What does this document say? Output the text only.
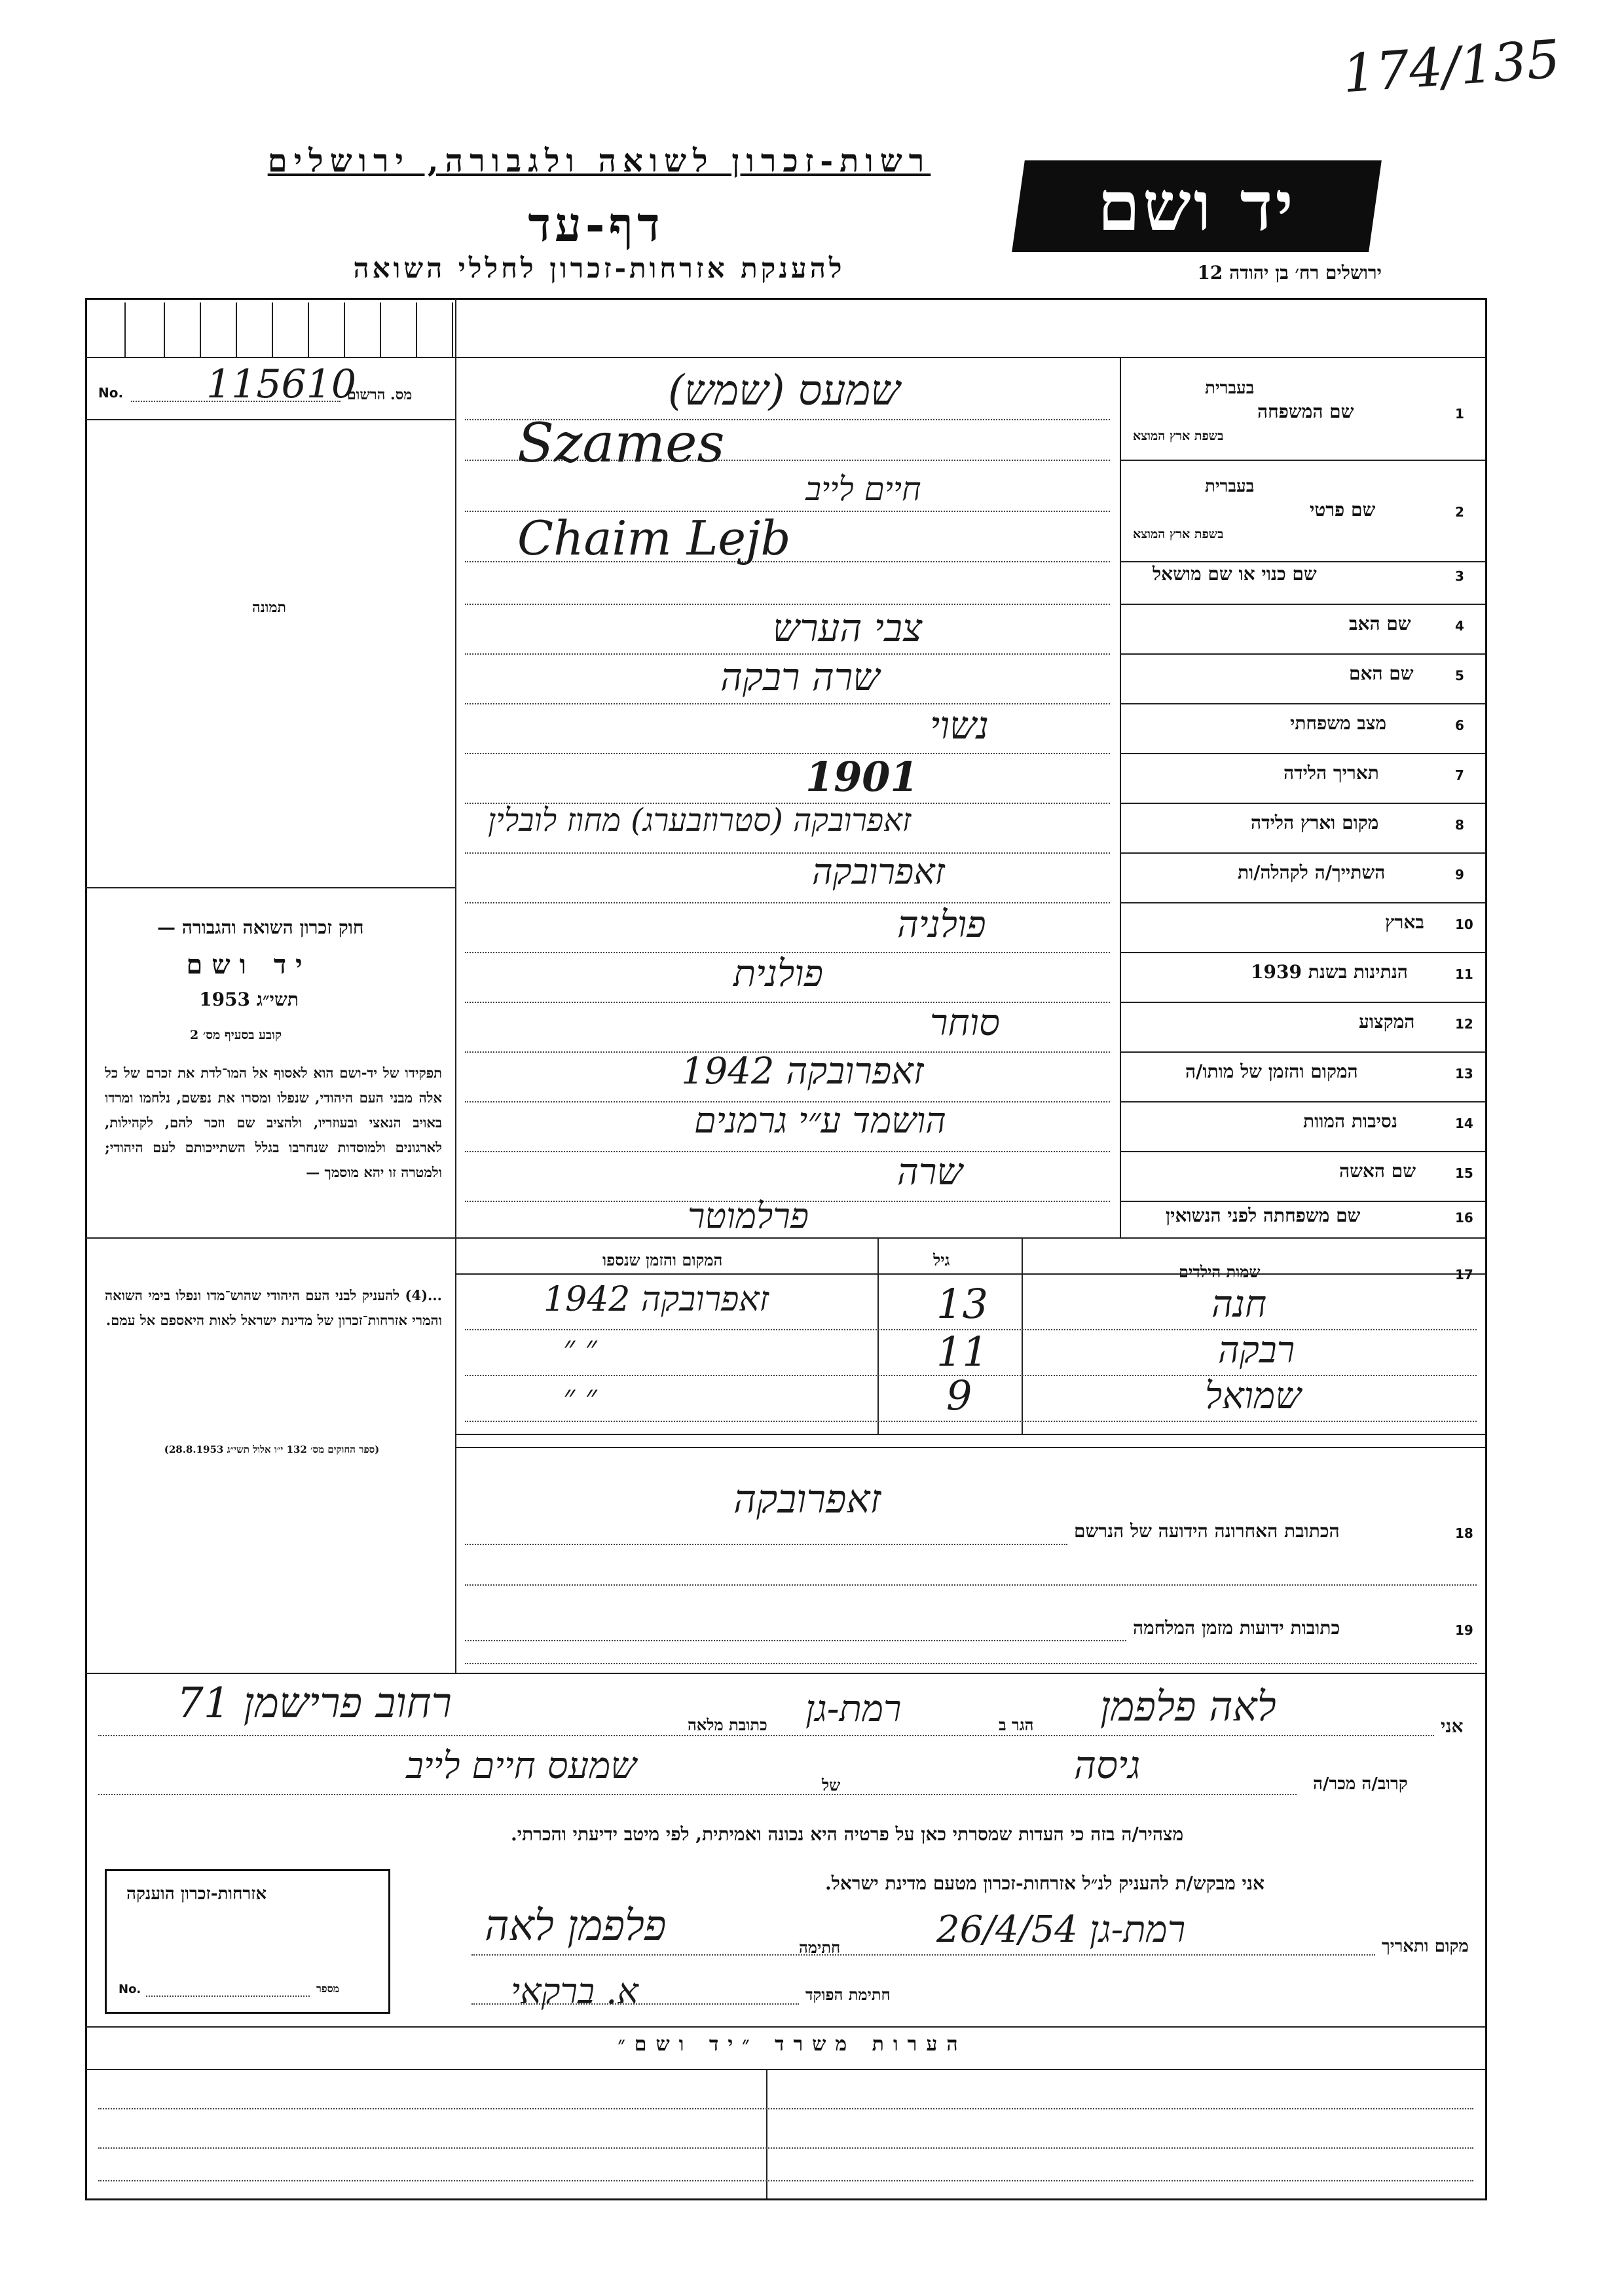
174/135
רשות-זכרון לשואה ולגבורה, ירושלים
דף-עד
להענקת אזרחות-זכרון לחללי השואה
יד ושם
ירושלים רח׳ בן יהודה 12
No. 115610
מס. הרשום
תמונה
חוק זכרון השואה והגבורה —
יד ושם
תשי״ג 1953
קובע בסעיף מס׳ 2
תפקידו של יד-ושם הוא לאסוף אל המו־לדת את זכרם של כל אלה מבני העם היהודי, שנפלו ומסרו את נפשם, נלחמו ומרדו באויב הנאצי ובעוזריו, ולהציב שם וזכר להם, לקהילות, לארגונים ולמוסדות שנחרבו בגלל השתייכותם לעם היהודי; ולמטרה זו יהא מוסמך —
...(4) להעניק לבני העם היהודי שהוש־מדו ונפלו בימי השואה והמרי אזרחות־זכרון של מדינת ישראל לאות היאספם אל עמם.
(ספר החוקים מס׳ 132 י״ו אלול תשי״ג 28.8.1953)
1
שם המשפחה
בעברית
בשפת ארץ המוצא
שמעס (שמש)
Szames
2
שם פרטי
בעברית
בשפת ארץ המוצא
חיים לייב
Chaim Lejb
3
שם כנוי או שם מושאל
4
שם האב
צבי הערש
5
שם האם
שרה רבקה
6
מצב משפחתי
נשוי
7
תאריך הלידה
1901
8
מקום וארץ הלידה
זאפרובקה (סטרוזבערג) מחוז לובלין
9
השתייך/ה לקהלה/ות
זאפרובקה
10
בארץ
פולניה
11
הנתינות בשנת 1939
פולנית
12
המקצוע
סוחר
13
המקום והזמן של מותו/ה
זאפרובקה 1942
14
נסיבות המוות
הושמד ע״י גרמנים
15
שם האשה
שרה
16
שם משפחתה לפני הנשואין
פרלמוטר
17
שמות הילדים
גיל
המקום והזמן שנספו
חנה
13
זאפרובקה 1942
רבקה
11
״ ״
שמואל
9
״ ״
18
הכתובת האחרונה הידועה של הנרשם
זאפרובקה
19
כתובות ידועות מזמן המלחמה
אני
לאה פלפמן
הגר ב
רמת-גן
כתובת מלאה
רחוב פרישמן 71
קרוב/ה מכר/ה
גיסה
של
שמעס חיים לייב
מצהיר/ה בזה כי העדות שמסרתי כאן על פרטיה היא נכונה ואמיתית, לפי מיטב ידיעתי והכרתי.
אני מבקש/ת להעניק לנ״ל אזרחות-זכרון מטעם מדינת ישראל.
מקום ותאריך
רמת-גן 26/4/54
חתימה
פלפמן לאה
חתימת הפוקד
א. ברקאי
אזרחות-זכרון הוענקה
No.	מספר
הערות משרד ״יד ושם״
